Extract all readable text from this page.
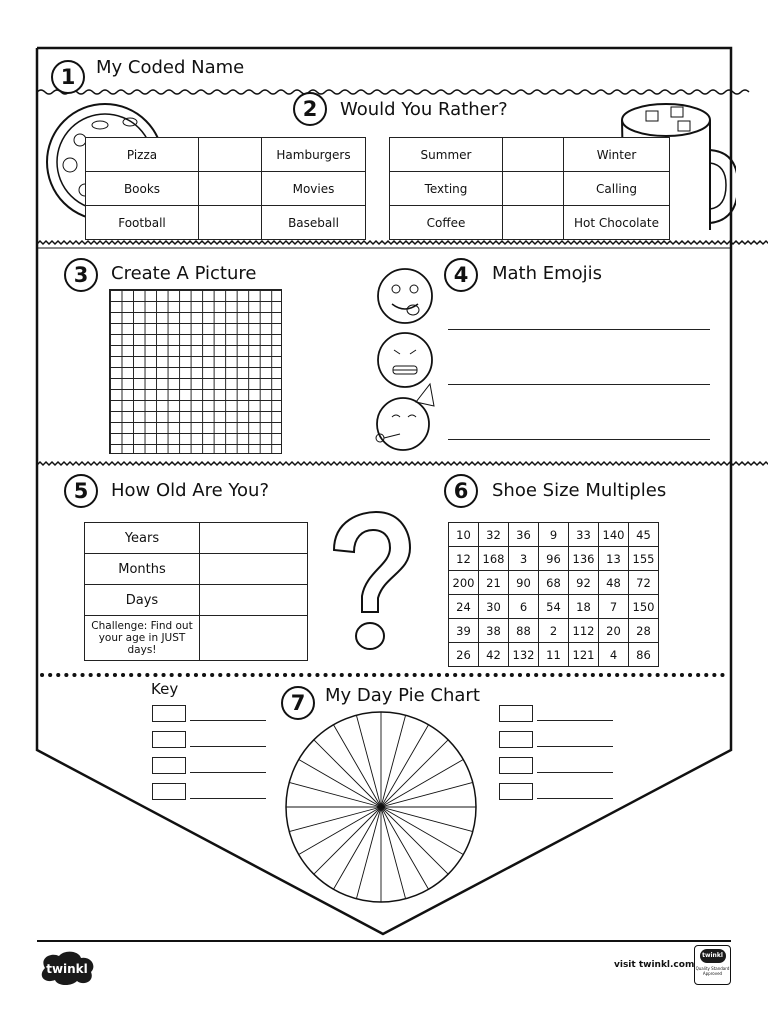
1	My Coded Name
2	Would You Rather?
Pizza		Hamburgers
Books		Movies
Football		Baseball
Summer		Winter
Texting		Calling
Coffee		Hot Chocolate
3	Create A Picture	4	Math Emojis
5	How Old Are You?
Years	
Months	
Days	
Challenge: Find out your age in JUST days!	
6	Shoe Size Multiples
10	32	36	9	33	140	45
12	168	3	96	136	13	155
200	21	90	68	92	48	72
24	30	6	54	18	7	150
39	38	88	2	112	20	28
26	42	132	11	121	4	86
Key
7	My Day Pie Chart
twinkl	visit twinkl.com
twinkl
Quality Standard Approved
